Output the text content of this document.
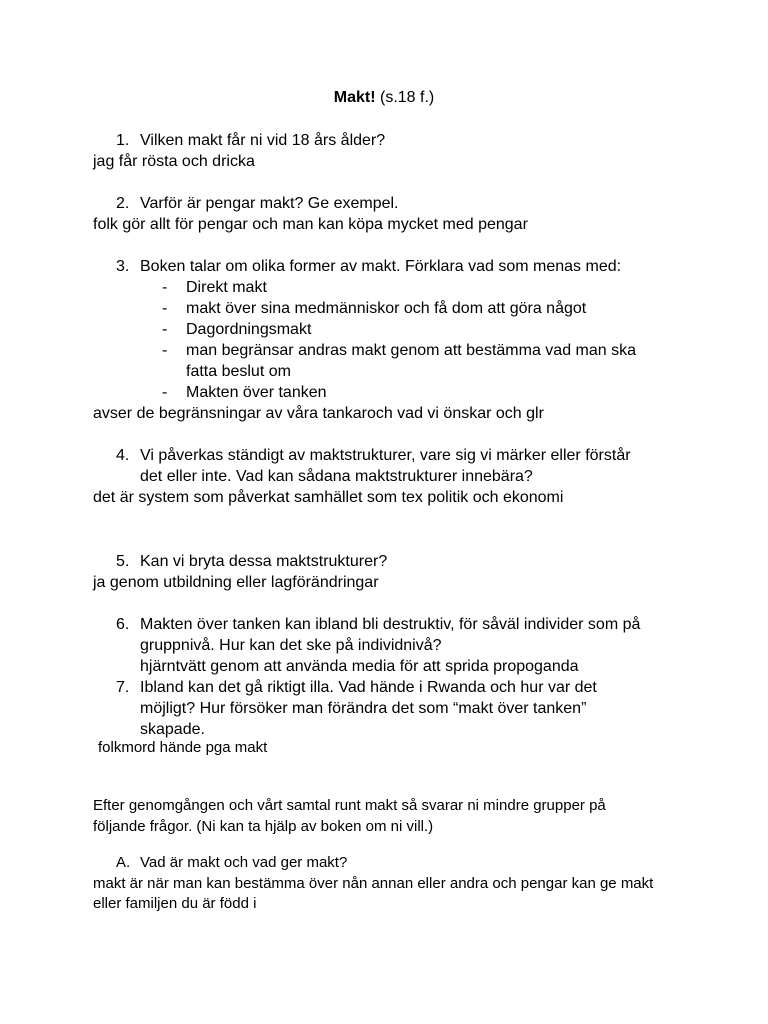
Makt! (s.18 f.)
1. Vilken makt får ni vid 18 års ålder?
jag får rösta och dricka
2. Varför är pengar makt? Ge exempel.
folk gör allt för pengar och man kan köpa mycket med pengar
3. Boken talar om olika former av makt. Förklara vad som menas med:
- Direkt makt
- makt över sina medmänniskor och få dom att göra något
- Dagordningsmakt
- man begränsar andras makt genom att bestämma vad man ska
fatta beslut om
- Makten över tanken
avser de begränsningar av våra tankaroch vad vi önskar och glr
4. Vi påverkas ständigt av maktstrukturer, vare sig vi märker eller förstår
det eller inte. Vad kan sådana maktstrukturer innebära?
det är system som påverkat samhället som tex politik och ekonomi
5. Kan vi bryta dessa maktstrukturer?
ja genom utbildning eller lagförändringar
6. Makten över tanken kan ibland bli destruktiv, för såväl individer som på
gruppnivå. Hur kan det ske på individnivå?
hjärntvätt genom att använda media för att sprida propoganda
7. Ibland kan det gå riktigt illa. Vad hände i Rwanda och hur var det
möjligt? Hur försöker man förändra det som “makt över tanken”
skapade.
folkmord hände pga makt
Efter genomgången och vårt samtal runt makt så svarar ni mindre grupper på
följande frågor. (Ni kan ta hjälp av boken om ni vill.)
A. Vad är makt och vad ger makt?
makt är när man kan bestämma över nån annan eller andra och pengar kan ge makt
eller familjen du är född i
